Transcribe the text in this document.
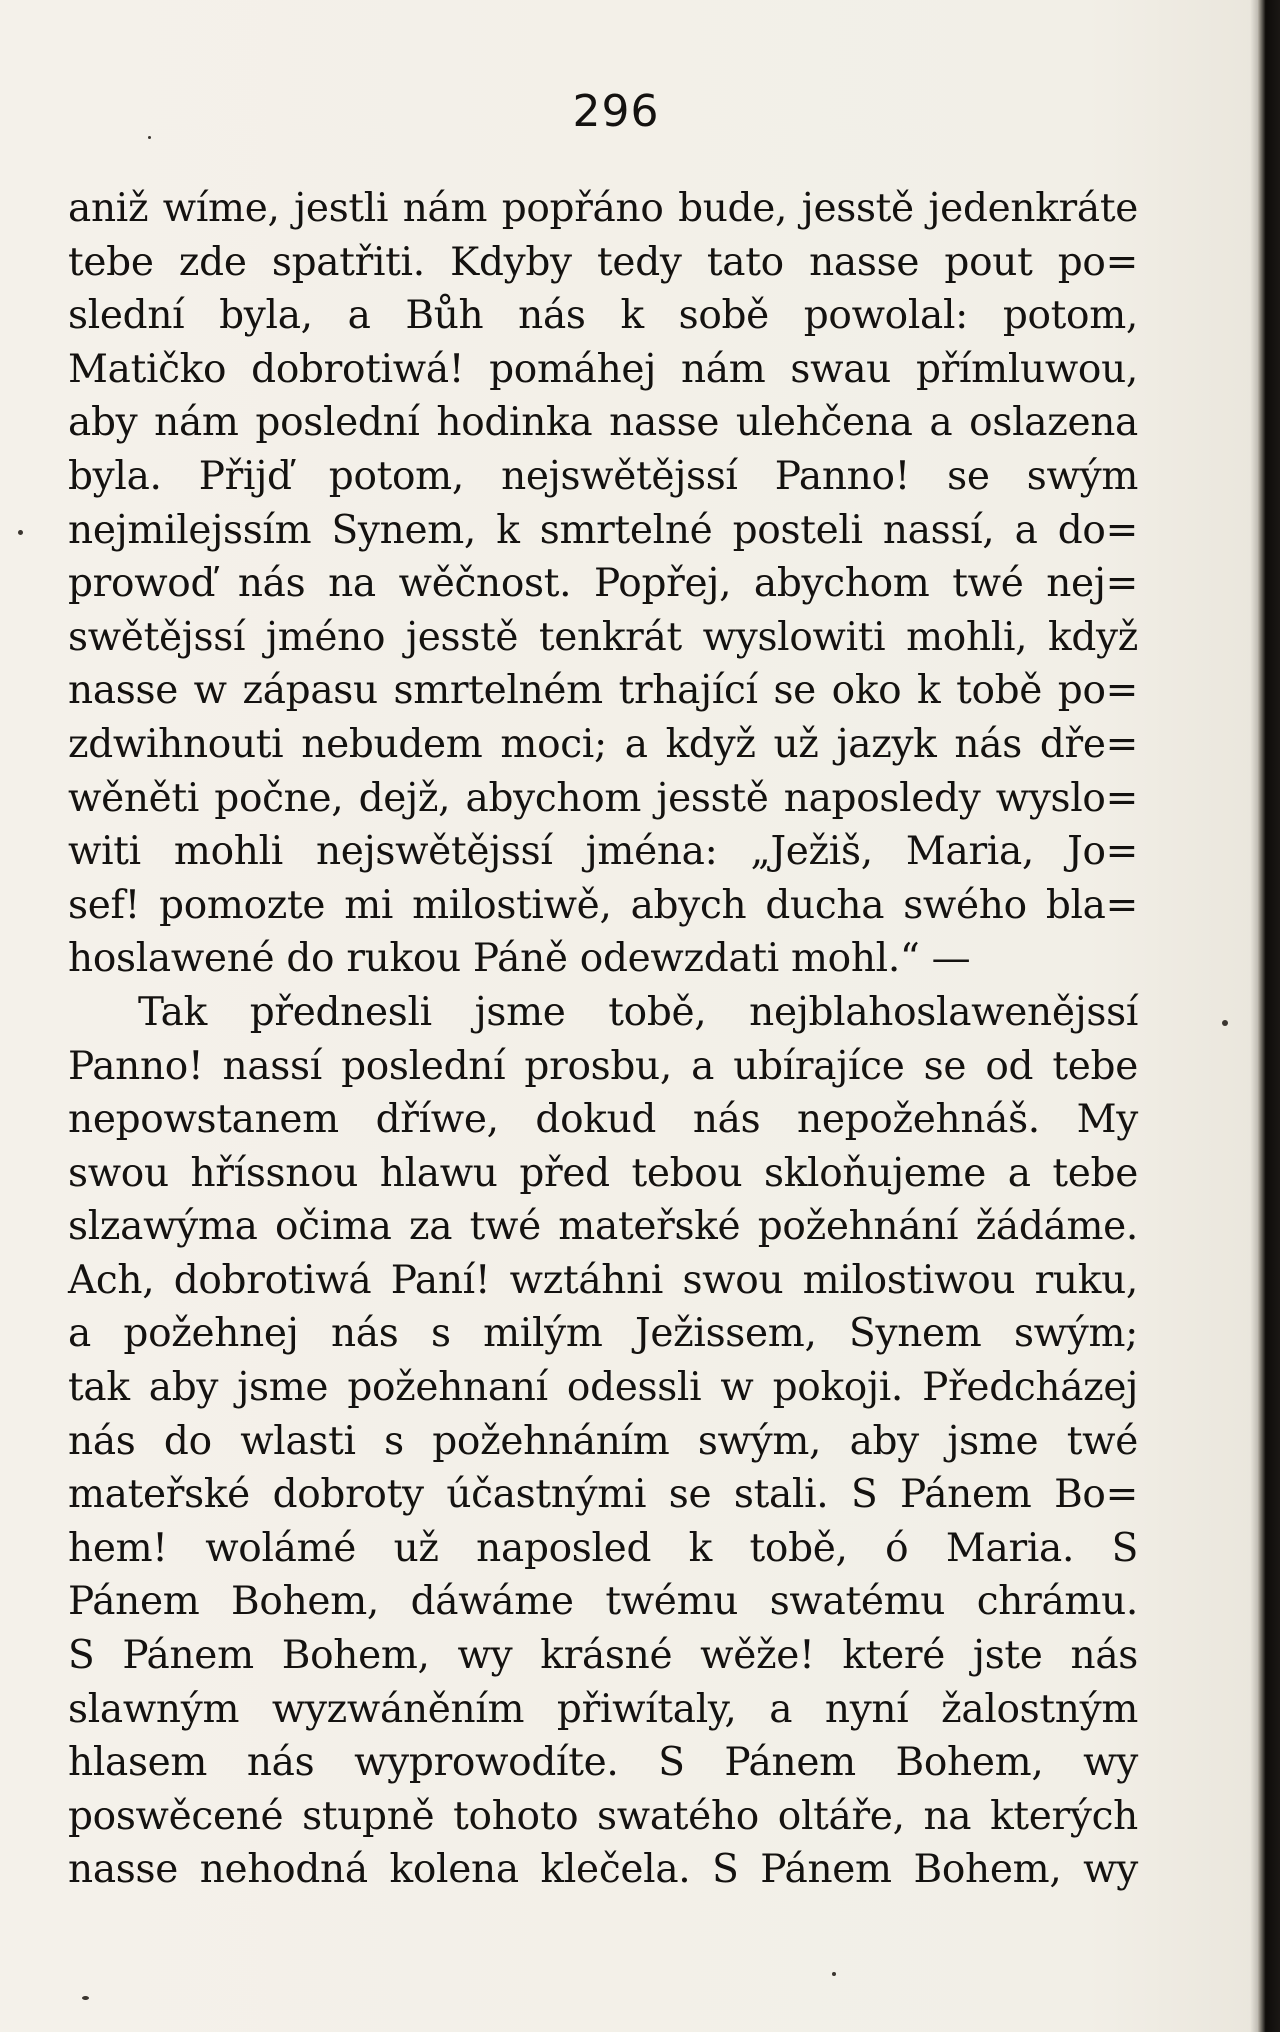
296
aniž wíme, jestli nám popřáno bude, jesstě jedenkráte
tebe zde spatřiti. Kdyby tedy tato nasse pout po=
slední byla, a Bůh nás k sobě powolal: potom,
Matičko dobrotiwá! pomáhej nám swau přímluwou,
aby nám poslední hodinka nasse ulehčena a oslazena
byla. Přijď potom, nejswětějssí Panno! se swým
nejmilejssím Synem, k smrtelné posteli nassí, a do=
prowoď nás na wěčnost. Popřej, abychom twé nej=
swětějssí jméno jesstě tenkrát wyslowiti mohli, když
nasse w zápasu smrtelném trhající se oko k tobě po=
zdwihnouti nebudem moci; a když už jazyk nás dře=
wěněti počne, dejž, abychom jesstě naposledy wyslo=
witi mohli nejswětějssí jména: „Ježiš, Maria, Jo=
sef! pomozte mi milostiwě, abych ducha swého bla=
hoslawené do rukou Páně odewzdati mohl.“ —
Tak přednesli jsme tobě, nejblahoslawenějssí
Panno! nassí poslední prosbu, a ubírajíce se od tebe
nepowstanem dříwe, dokud nás nepožehnáš. My
swou hříssnou hlawu před tebou skloňujeme a tebe
slzawýma očima za twé mateřské požehnání žádáme.
Ach, dobrotiwá Paní! wztáhni swou milostiwou ruku,
a požehnej nás s milým Ježissem, Synem swým;
tak aby jsme požehnaní odessli w pokoji. Předcházej
nás do wlasti s požehnáním swým, aby jsme twé
mateřské dobroty účastnými se stali. S Pánem Bo=
hem! wolámé už naposled k tobě, ó Maria. S
Pánem Bohem, dáwáme twému swatému chrámu.
S Pánem Bohem, wy krásné wěže! které jste nás
slawným wyzwáněním přiwítaly, a nyní žalostným
hlasem nás wyprowodíte. S Pánem Bohem, wy
poswěcené stupně tohoto swatého oltáře, na kterých
nasse nehodná kolena klečela. S Pánem Bohem, wy
